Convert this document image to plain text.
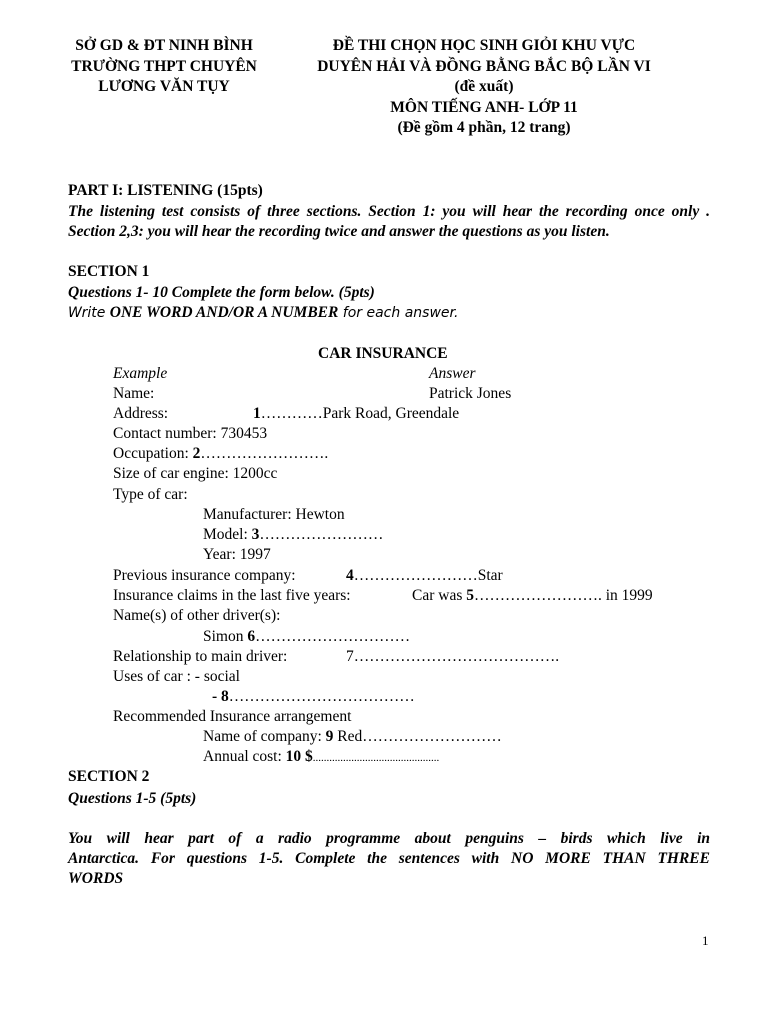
SỞ GD & ĐT NINH BÌNH
TRƯỜNG THPT CHUYÊN
LƯƠNG VĂN TỤY
ĐỀ THI CHỌN HỌC SINH GIỎI KHU VỰC
DUYÊN HẢI VÀ ĐỒNG BẰNG BẮC BỘ LẦN VI
(đề xuất)
MÔN TIẾNG ANH- LỚP 11
(Đề gồm 4 phần, 12 trang)
PART I: LISTENING (15pts)
The listening test consists of three sections. Section 1: you will hear the recording once only . Section 2,3: you will hear the recording twice and answer the questions as you listen.
SECTION 1
Questions 1- 10 Complete the form below. (5pts)
Write ONE WORD AND/OR A NUMBER for each answer.
CAR INSURANCE
Example	Answer
Name:	Patrick Jones
Address:	1…………Park Road, Greendale
Contact number: 730453
Occupation: 2…………………….
Size of car engine: 1200cc
Type of car:
Manufacturer: Hewton
Model: 3……………………
Year: 1997
Previous insurance company:	4……………………Star
Insurance claims in the last five years:	Car was 5……………………. in 1999
Name(s) of other driver(s):
Simon 6…………………………
Relationship to main driver:	7………………………………….
Uses of car : - social
- 8………………………………
Recommended Insurance arrangement
Name of company: 9 Red………………………
Annual cost: 10 $..............................................
SECTION 2
Questions 1-5 (5pts)
You will hear part of a radio programme about penguins – birds which live in
Antarctica. For questions 1-5. Complete the sentences with NO MORE THAN THREE
WORDS
1
